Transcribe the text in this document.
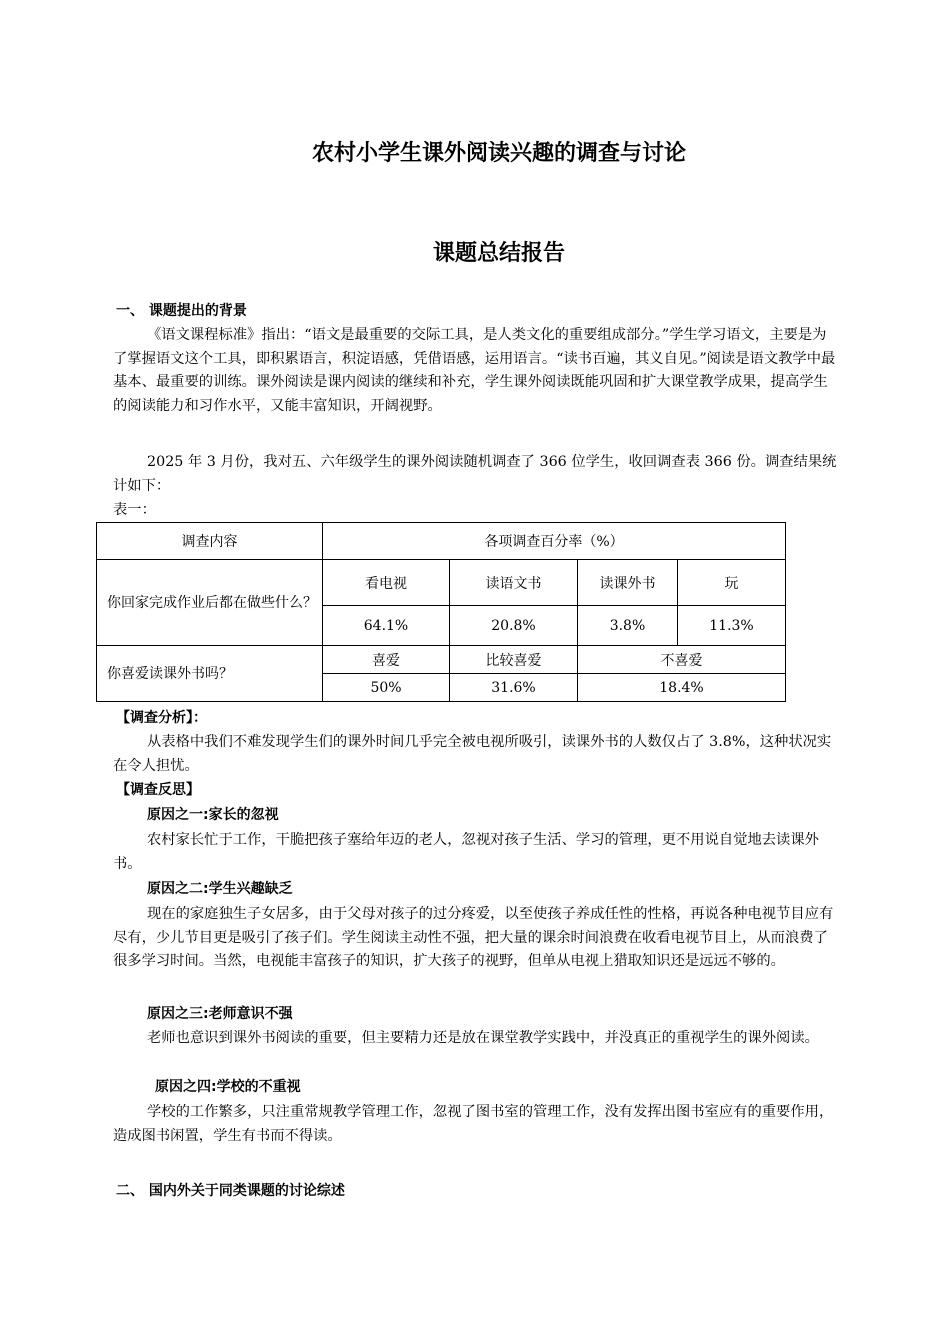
农村小学生课外阅读兴趣的调查与讨论
课题总结报告
一、 课题提出的背景
《语文课程标准》指出：“语文是最重要的交际工具，是人类文化的重要组成部分。”学生学习语文，主要是为了掌握语文这个工具，即积累语言，积淀语感，凭借语感，运用语言。“读书百遍，其义自见。”阅读是语文教学中最基本、最重要的训练。课外阅读是课内阅读的继续和补充，学生课外阅读既能巩固和扩大课堂教学成果，提高学生的阅读能力和习作水平，又能丰富知识，开阔视野。
2025 年 3 月份，我对五、六年级学生的课外阅读随机调查了 366 位学生，收回调查表 366 份。调查结果统计如下：
表一：
调查内容	各项调查百分率（%）			
你回家完成作业后都在做些什么？	看电视	读语文书	读课外书	玩
	64.1%	20.8%	3.8%	11.3%
你喜爱读课外书吗？	喜爱	比较喜爱	不喜爱	
	50%	31.6%	18.4%	
【调查分析】：
从表格中我们不难发现学生们的课外时间几乎完全被电视所吸引，读课外书的人数仅占了 3.8%，这种状况实在令人担忧。
【调查反思】
原因之一:家长的忽视
农村家长忙于工作，干脆把孩子塞给年迈的老人，忽视对孩子生活、学习的管理，更不用说自觉地去读课外书。
原因之二:学生兴趣缺乏
现在的家庭独生子女居多，由于父母对孩子的过分疼爱，以至使孩子养成任性的性格，再说各种电视节目应有尽有，少儿节目更是吸引了孩子们。学生阅读主动性不强，把大量的课余时间浪费在收看电视节目上，从而浪费了很多学习时间。当然，电视能丰富孩子的知识，扩大孩子的视野，但单从电视上猎取知识还是远远不够的。
原因之三:老师意识不强
老师也意识到课外书阅读的重要，但主要精力还是放在课堂教学实践中，并没真正的重视学生的课外阅读。
原因之四:学校的不重视
学校的工作繁多，只注重常规教学管理工作，忽视了图书室的管理工作，没有发挥出图书室应有的重要作用，造成图书闲置，学生有书而不得读。
二、 国内外关于同类课题的讨论综述
